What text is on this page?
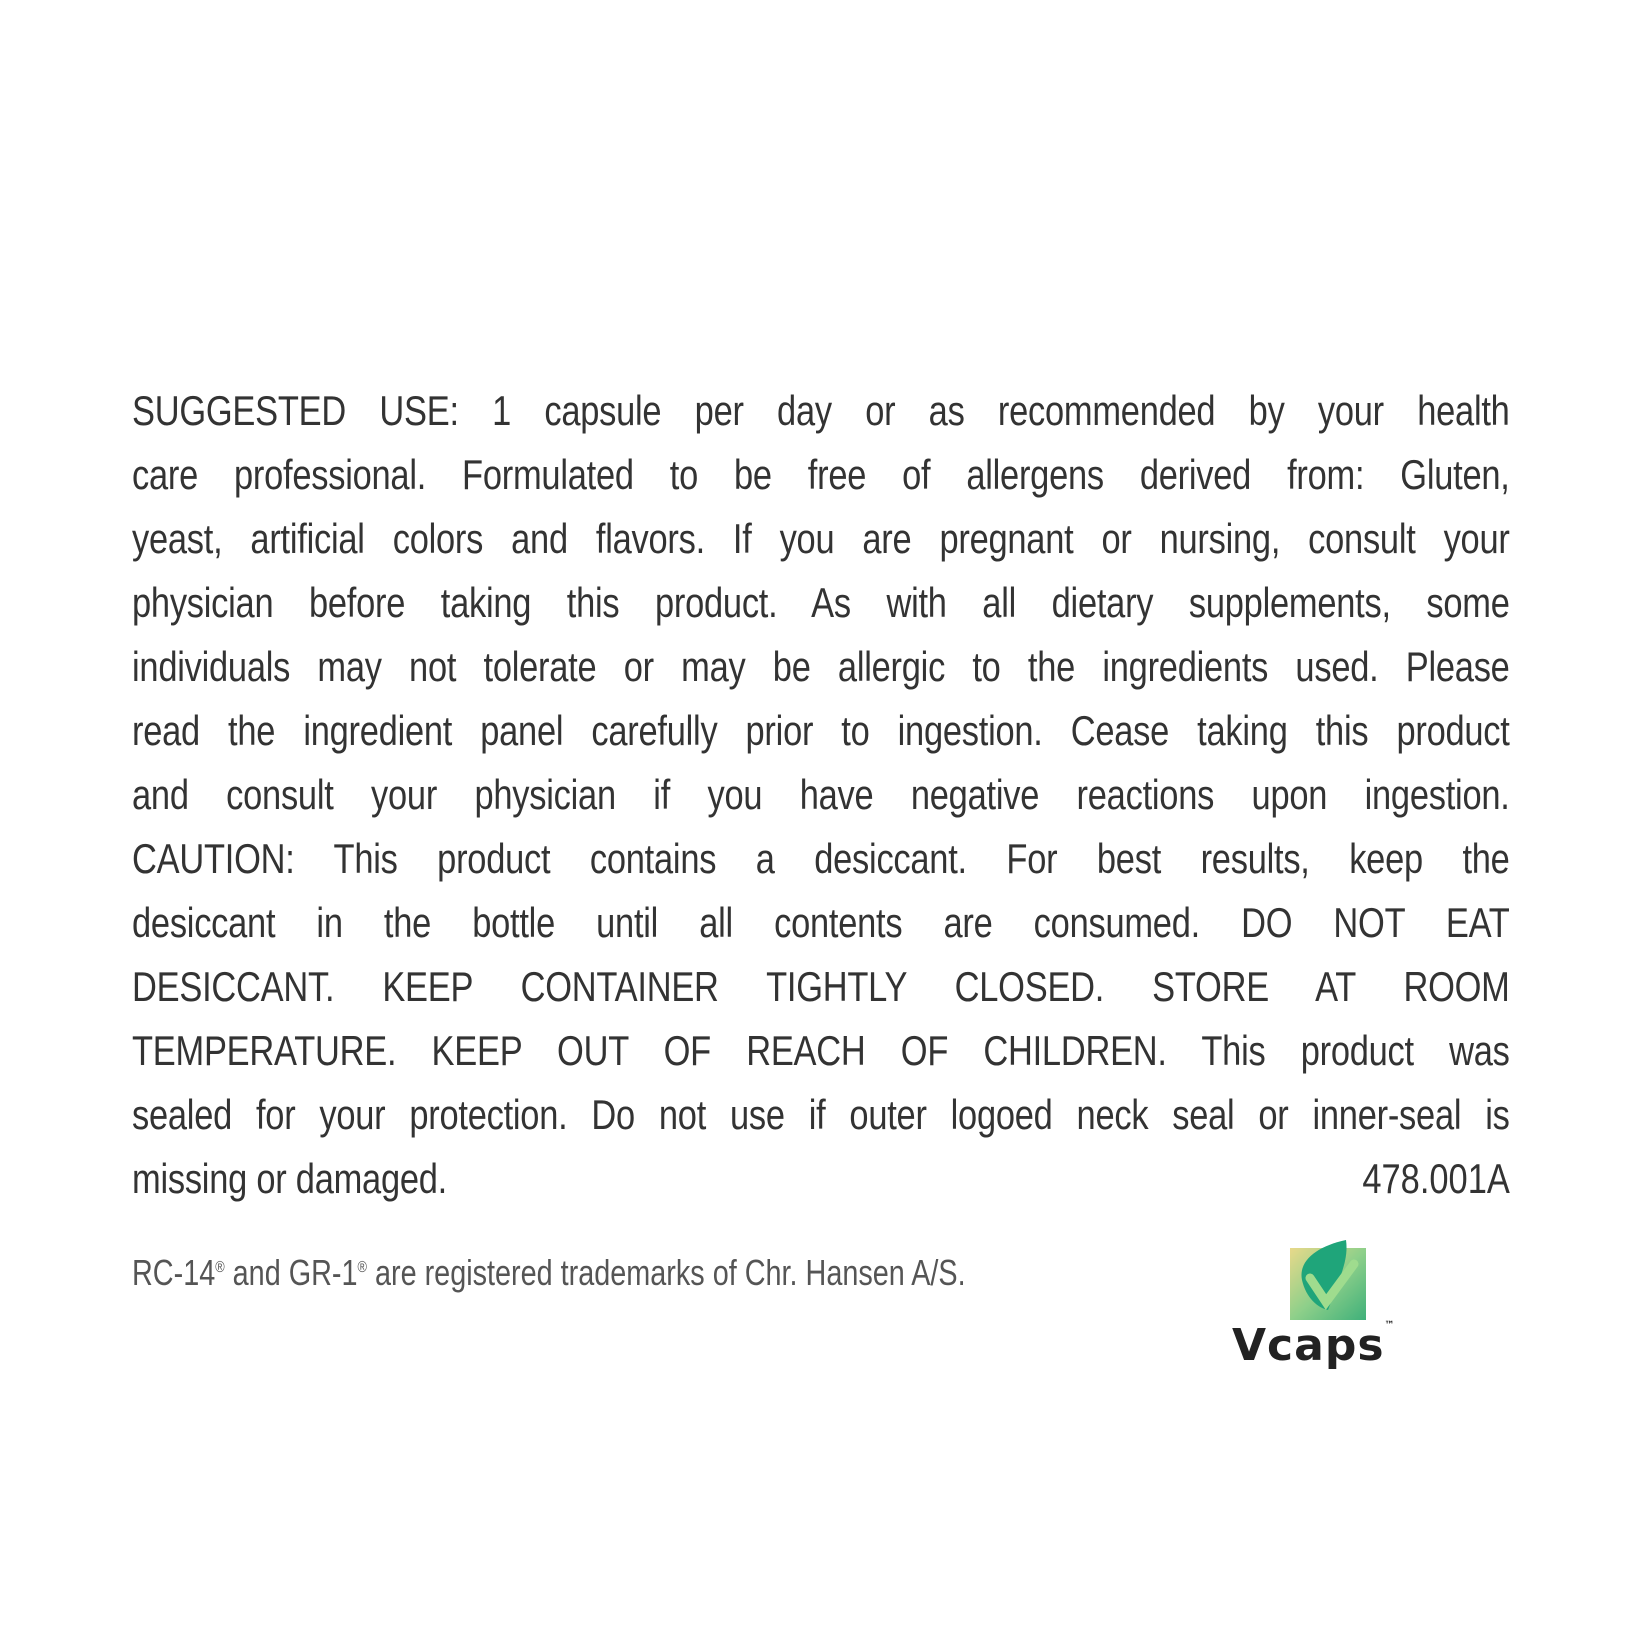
SUGGESTED USE: 1 capsule per day or as recommended by your health
care professional. Formulated to be free of allergens derived from: Gluten,
yeast, artificial colors and flavors. If you are pregnant or nursing, consult your
physician before taking this product. As with all dietary supplements, some
individuals may not tolerate or may be allergic to the ingredients used. Please
read the ingredient panel carefully prior to ingestion. Cease taking this product
and consult your physician if you have negative reactions upon ingestion.
CAUTION: This product contains a desiccant. For best results, keep the
desiccant in the bottle until all contents are consumed. DO NOT EAT
DESICCANT. KEEP CONTAINER TIGHTLY CLOSED. STORE AT ROOM
TEMPERATURE. KEEP OUT OF REACH OF CHILDREN. This product was
sealed for your protection. Do not use if outer logoed neck seal or inner-seal is
missing or damaged.	478.001A
RC-14® and GR-1® are registered trademarks of Chr. Hansen A/S.
Vcaps™
